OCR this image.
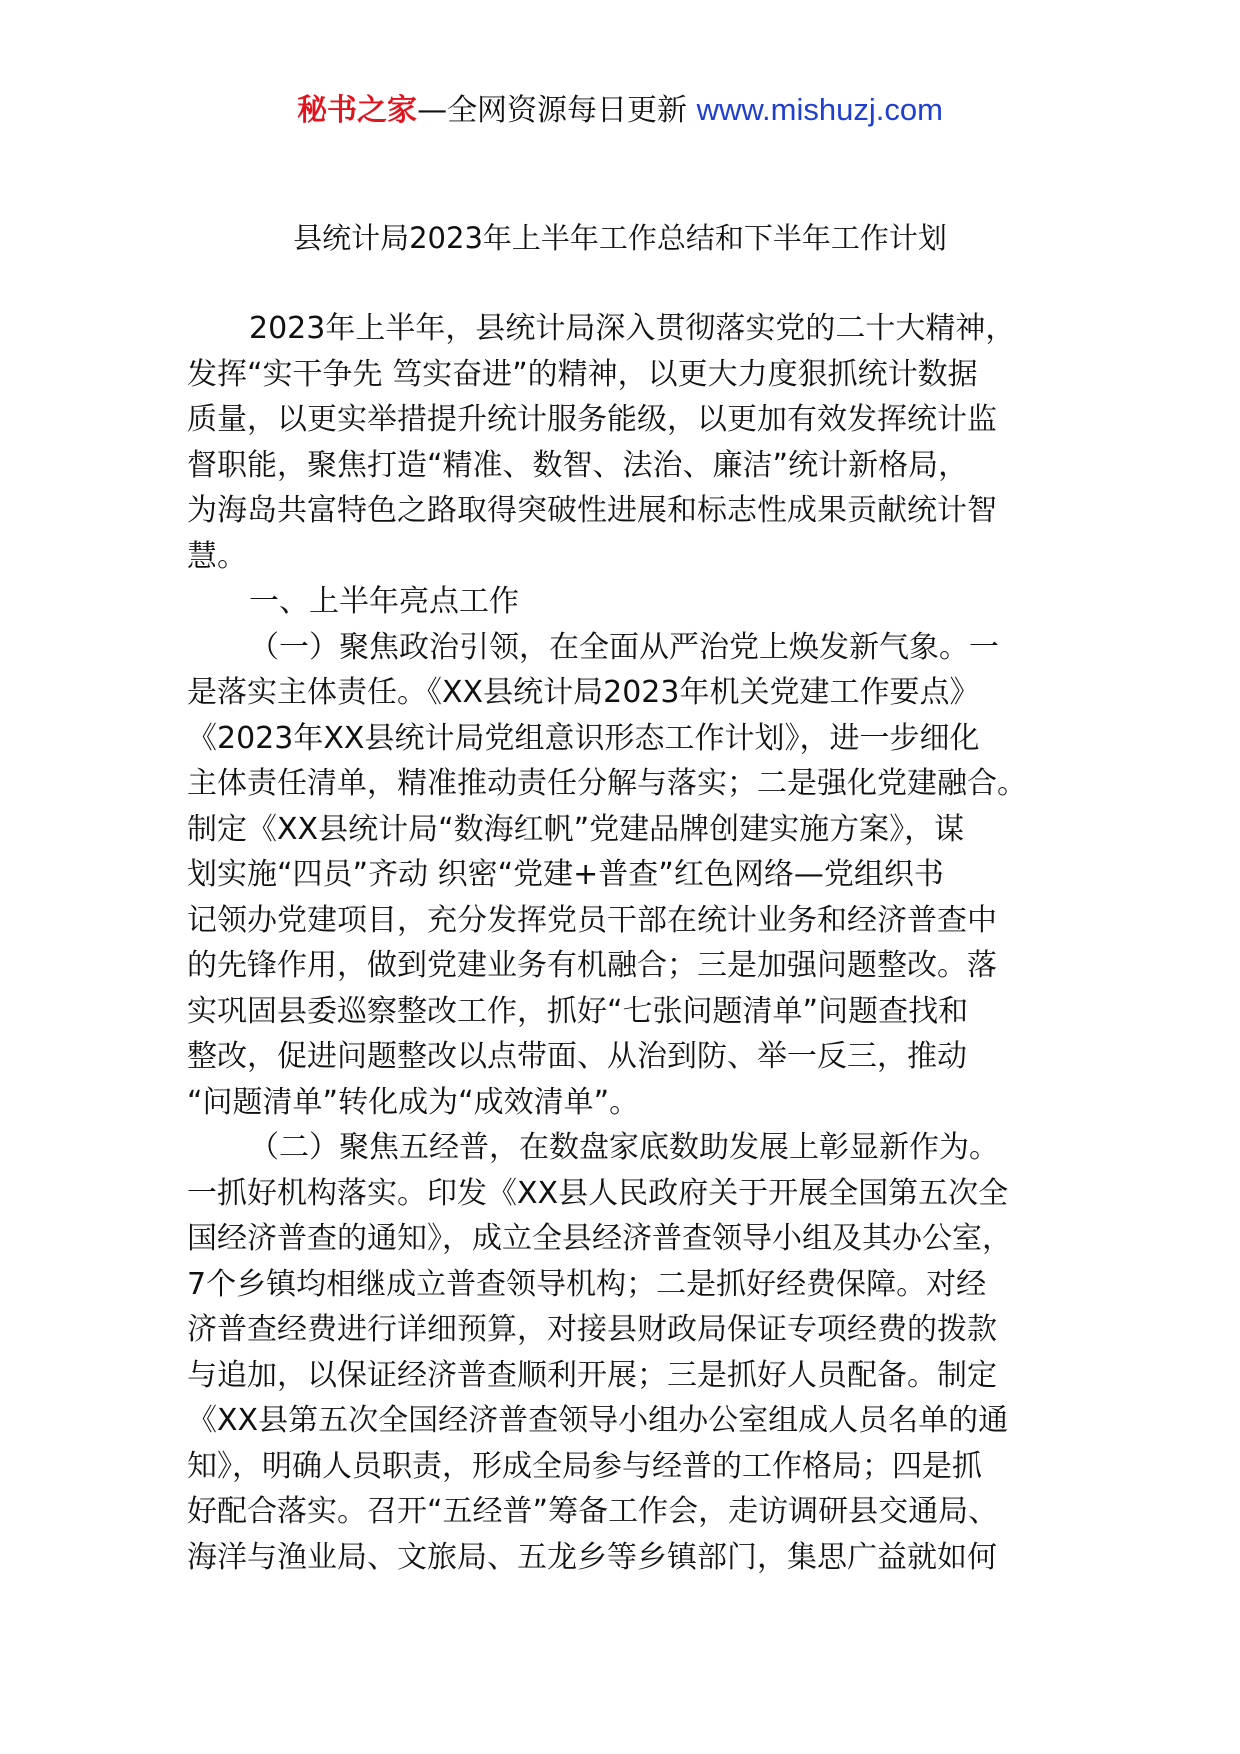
秘书之家—全网资源每日更新 www.mishuzj.com
县统计局2023年上半年工作总结和下半年工作计划
2023年上半年，县统计局深入贯彻落实党的二十大精神，
发挥“实干争先 笃实奋进”的精神，以更大力度狠抓统计数据
质量，以更实举措提升统计服务能级，以更加有效发挥统计监
督职能，聚焦打造“精准、数智、法治、廉洁”统计新格局，
为海岛共富特色之路取得突破性进展和标志性成果贡献统计智
慧。
一、上半年亮点工作
（一）聚焦政治引领，在全面从严治党上焕发新气象。一
是落实主体责任。《XX县统计局2023年机关党建工作要点》
《2023年XX县统计局党组意识形态工作计划》，进一步细化
主体责任清单，精准推动责任分解与落实；二是强化党建融合。
制定《XX县统计局“数海红帆”党建品牌创建实施方案》，谋
划实施“四员”齐动 织密“党建+普查”红色网络—党组织书
记领办党建项目，充分发挥党员干部在统计业务和经济普查中
的先锋作用，做到党建业务有机融合；三是加强问题整改。落
实巩固县委巡察整改工作，抓好“七张问题清单”问题查找和
整改，促进问题整改以点带面、从治到防、举一反三，推动
“问题清单”转化成为“成效清单”。
（二）聚焦五经普，在数盘家底数助发展上彰显新作为。
一抓好机构落实。印发《XX县人民政府关于开展全国第五次全
国经济普查的通知》，成立全县经济普查领导小组及其办公室，
7个乡镇均相继成立普查领导机构；二是抓好经费保障。对经
济普查经费进行详细预算，对接县财政局保证专项经费的拨款
与追加，以保证经济普查顺利开展；三是抓好人员配备。制定
《XX县第五次全国经济普查领导小组办公室组成人员名单的通
知》，明确人员职责，形成全局参与经普的工作格局；四是抓
好配合落实。召开“五经普”筹备工作会，走访调研县交通局、
海洋与渔业局、文旅局、五龙乡等乡镇部门，集思广益就如何
